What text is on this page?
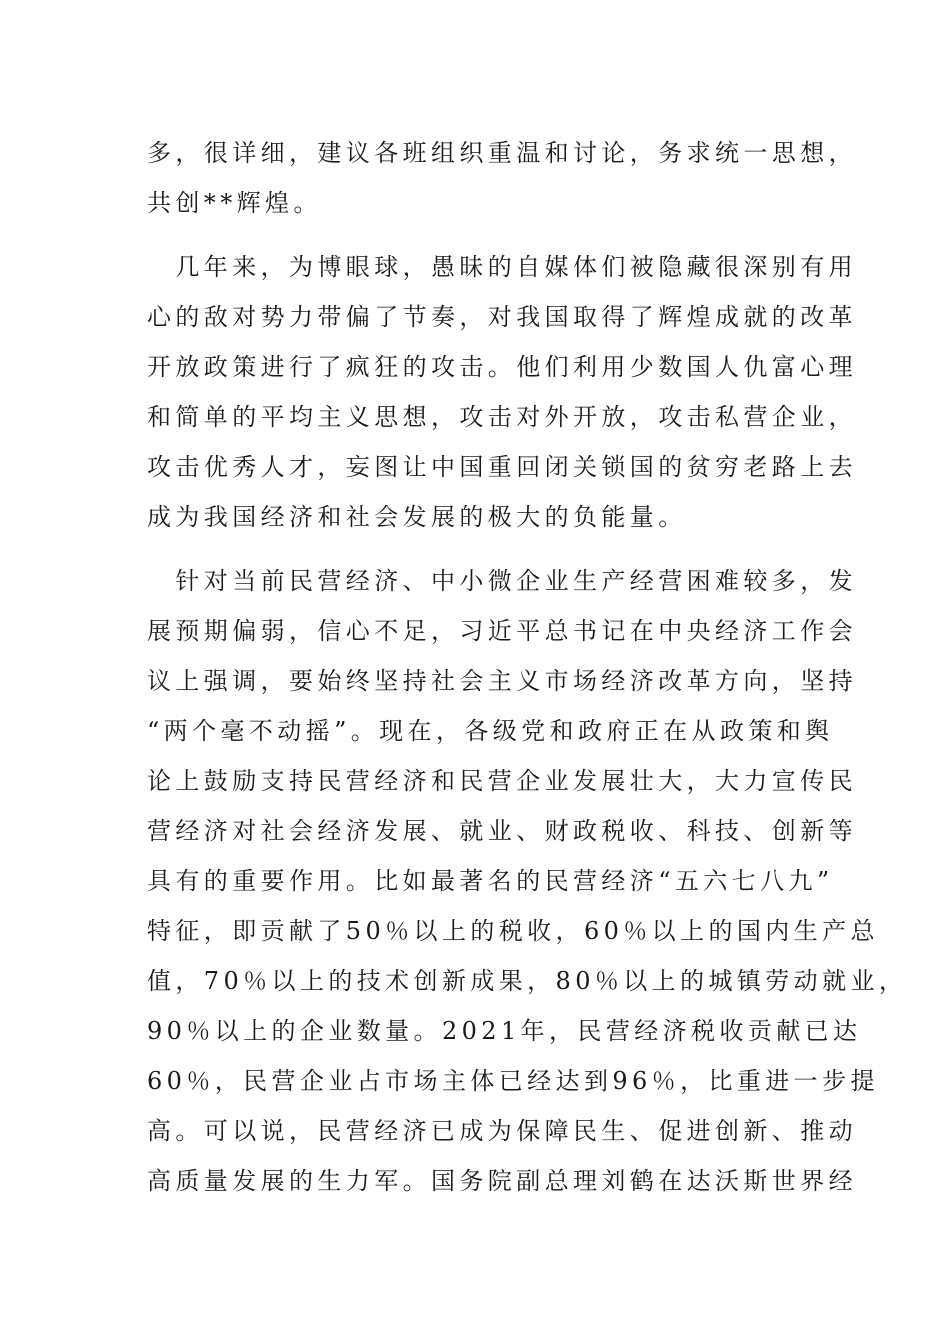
多，很详细，建议各班组织重温和讨论，务求统一思想，
共创**辉煌。
　几年来，为博眼球，愚昧的自媒体们被隐藏很深别有用
心的敌对势力带偏了节奏，对我国取得了辉煌成就的改革
开放政策进行了疯狂的攻击。他们利用少数国人仇富心理
和简单的平均主义思想，攻击对外开放，攻击私营企业，
攻击优秀人才，妄图让中国重回闭关锁国的贫穷老路上去
成为我国经济和社会发展的极大的负能量。
　针对当前民营经济、中小微企业生产经营困难较多，发
展预期偏弱，信心不足，习近平总书记在中央经济工作会
议上强调，要始终坚持社会主义市场经济改革方向，坚持
“两个毫不动摇”。现在，各级党和政府正在从政策和舆
论上鼓励支持民营经济和民营企业发展壮大，大力宣传民
营经济对社会经济发展、就业、财政税收、科技、创新等
具有的重要作用。比如最著名的民营经济“五六七八九”
特征，即贡献了50％以上的税收，60％以上的国内生产总
值，70％以上的技术创新成果，80％以上的城镇劳动就业，
90％以上的企业数量。2021年，民营经济税收贡献已达
60％，民营企业占市场主体已经达到96％，比重进一步提
高。可以说，民营经济已成为保障民生、促进创新、推动
高质量发展的生力军。国务院副总理刘鹤在达沃斯世界经
